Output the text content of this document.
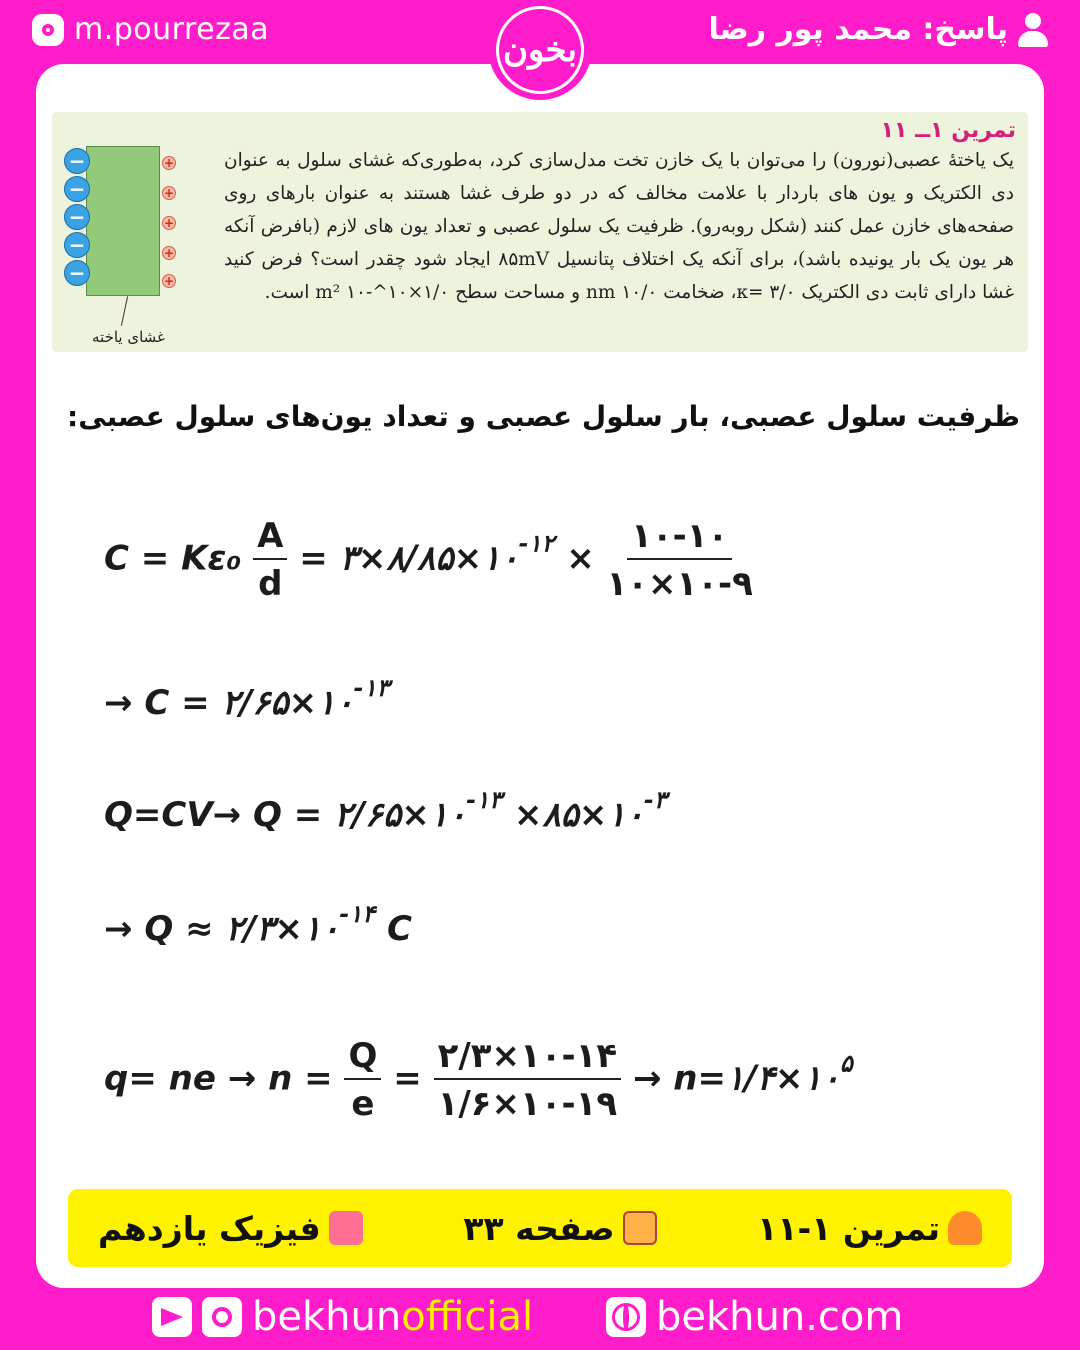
m.pourrezaa	پاسخ: محمد پور رضا
بخون
تمرین ۱ــ ۱۱
یک یاختهٔ عصبی(نورون) را می‌توان با یک خازن تخت مدل‌سازی کرد، به‌طوری‌که غشای سلول به عنوان دی الکتریک و یون های باردار با علامت مخالف که در دو طرف غشا هستند به عنوان بارهای روی صفحه‌های خازن عمل کنند (شکل روبه‌رو). ظرفیت یک سلول عصبی و تعداد یون های لازم (بافرض آنکه هر یون یک بار یونیده باشد)، برای آنکه یک اختلاف پتانسیل ۸۵mV ایجاد شود چقدر است؟ فرض کنید غشا دارای ثابت دی الکتریک ۳/۰ =κ، ضخامت ۱۰/۰ nm و مساحت سطح ۱/۰×۱۰^-۱۰ m² است.
−
−
−
−
−
+
+
+
+
+
غشای یاخته
ظرفیت سلول عصبی، بار سلول عصبی و تعداد یون‌های سلول عصبی:
$C = K\varepsilon_0 \frac{A}{d}$ = $۳\times ۸/۸۵\times ۱۰^{-۱۲} \times \frac{۱۰-۱۰}{۱۰\times ۱۰-۹}$
→ $C = ۲/۶۵\times ۱۰^{-۱۳}$
$Q=CV\to Q = ۲/۶۵\times ۱۰^{-۱۳}$ $\times ۸۵\times ۱۰^{-۳}$
→ $Q \approx ۲/۳\times ۱۰^{-۱۴}$ C
q= ne → $n = \frac{Q}{e} = \frac{۲/۳\times ۱۰-۱۴}{۱/۶\times ۱۰-۱۹}$ → $n=۱/۴\times ۱۰^۵$
تمرین ۱-۱۱
صفحه ۳۳
فیزیک یازدهم
bekhunofficial	bekhun.com
